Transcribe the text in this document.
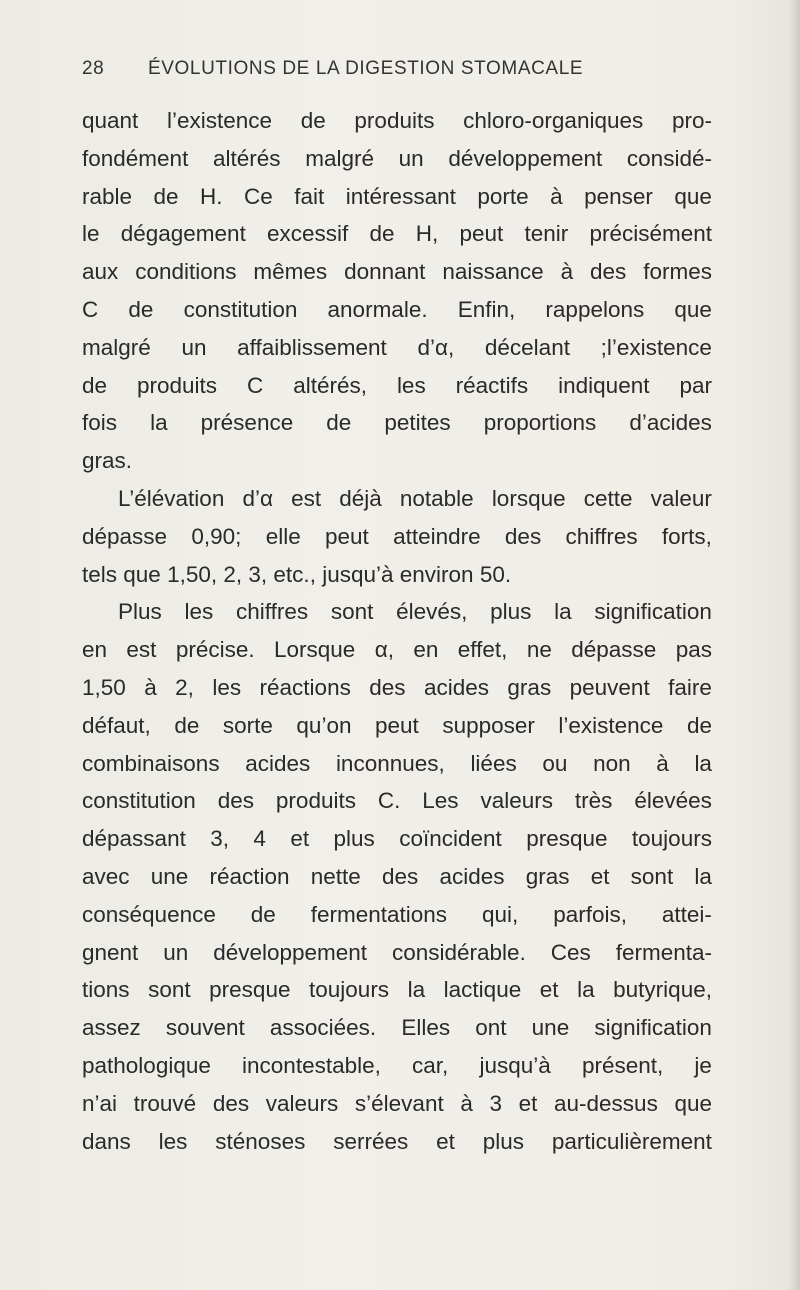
28 ÉVOLUTIONS DE LA DIGESTION STOMACALE
quant l’existence de produits chloro-organiques pro-
fondément altérés malgré un développement considé-
rable de H. Ce fait intéressant porte à penser que
le dégagement excessif de H, peut tenir précisément
aux conditions mêmes donnant naissance à des formes
C de constitution anormale. Enfin, rappelons que
malgré un affaiblissement d’α, décelant ;l’existence
de produits C altérés, les réactifs indiquent par
fois la présence de petites proportions d’acides
gras.
L’élévation d’α est déjà notable lorsque cette valeur
dépasse 0,90; elle peut atteindre des chiffres forts,
tels que 1,50, 2, 3, etc., jusqu’à environ 50.
Plus les chiffres sont élevés, plus la signification
en est précise. Lorsque α, en effet, ne dépasse pas
1,50 à 2, les réactions des acides gras peuvent faire
défaut, de sorte qu’on peut supposer l’existence de
combinaisons acides inconnues, liées ou non à la
constitution des produits C. Les valeurs très élevées
dépassant 3, 4 et plus coïncident presque toujours
avec une réaction nette des acides gras et sont la
conséquence de fermentations qui, parfois, attei-
gnent un développement considérable. Ces fermenta-
tions sont presque toujours la lactique et la butyrique,
assez souvent associées. Elles ont une signification
pathologique incontestable, car, jusqu’à présent, je
n’ai trouvé des valeurs s’élevant à 3 et au-dessus que
dans les sténoses serrées et plus particulièrement
